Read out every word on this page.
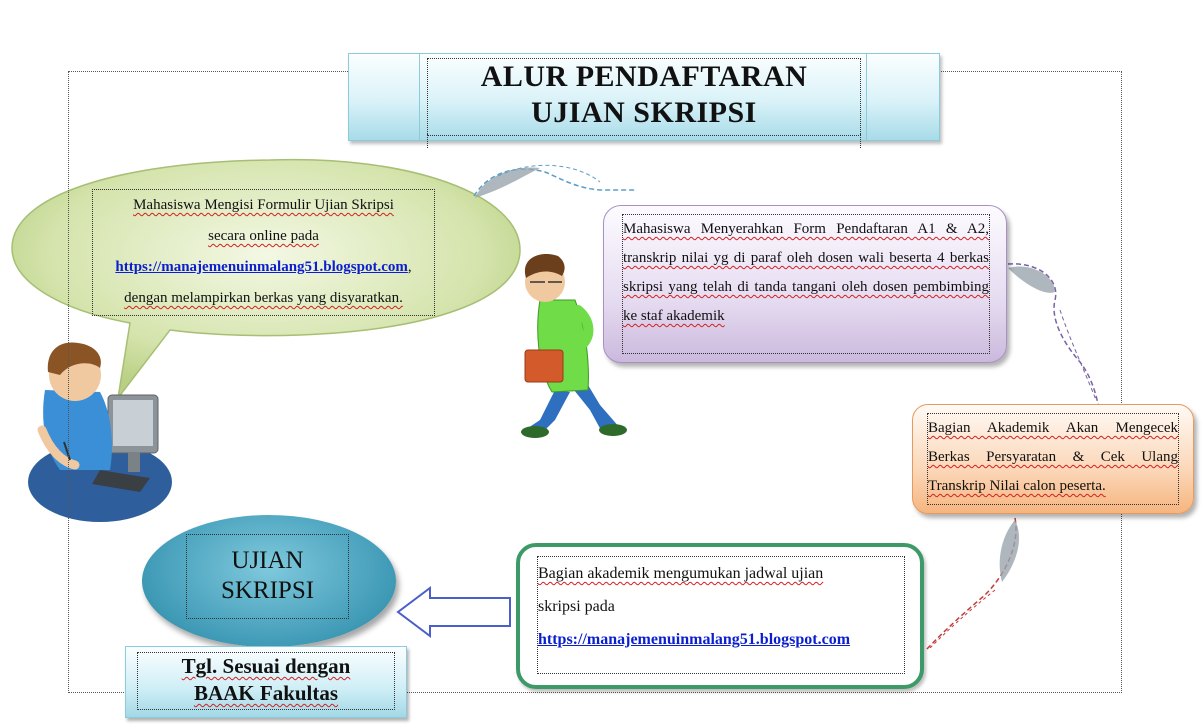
ALUR PENDAFTARAN
UJIAN SKRIPSI
Mahasiswa Mengisi Formulir Ujian Skripsi
secara online pada
https://manajemenuinmalang51.blogspot.com,
dengan melampirkan berkas yang disyaratkan.
Mahasiswa Menyerahkan Form Pendaftaran A1 & A2, transkrip nilai yg di paraf oleh dosen wali beserta 4 berkas skripsi yang telah di tanda tangani oleh dosen pembimbing ke staf akademik
Bagian Akademik Akan Mengecek Berkas Persyaratan & Cek Ulang Transkrip Nilai calon peserta.
Bagian akademik mengumukan jadwal ujian
skripsi pada
https://manajemenuinmalang51.blogspot.com
UJIAN
SKRIPSI
Tgl. Sesuai dengan
BAAK Fakultas
